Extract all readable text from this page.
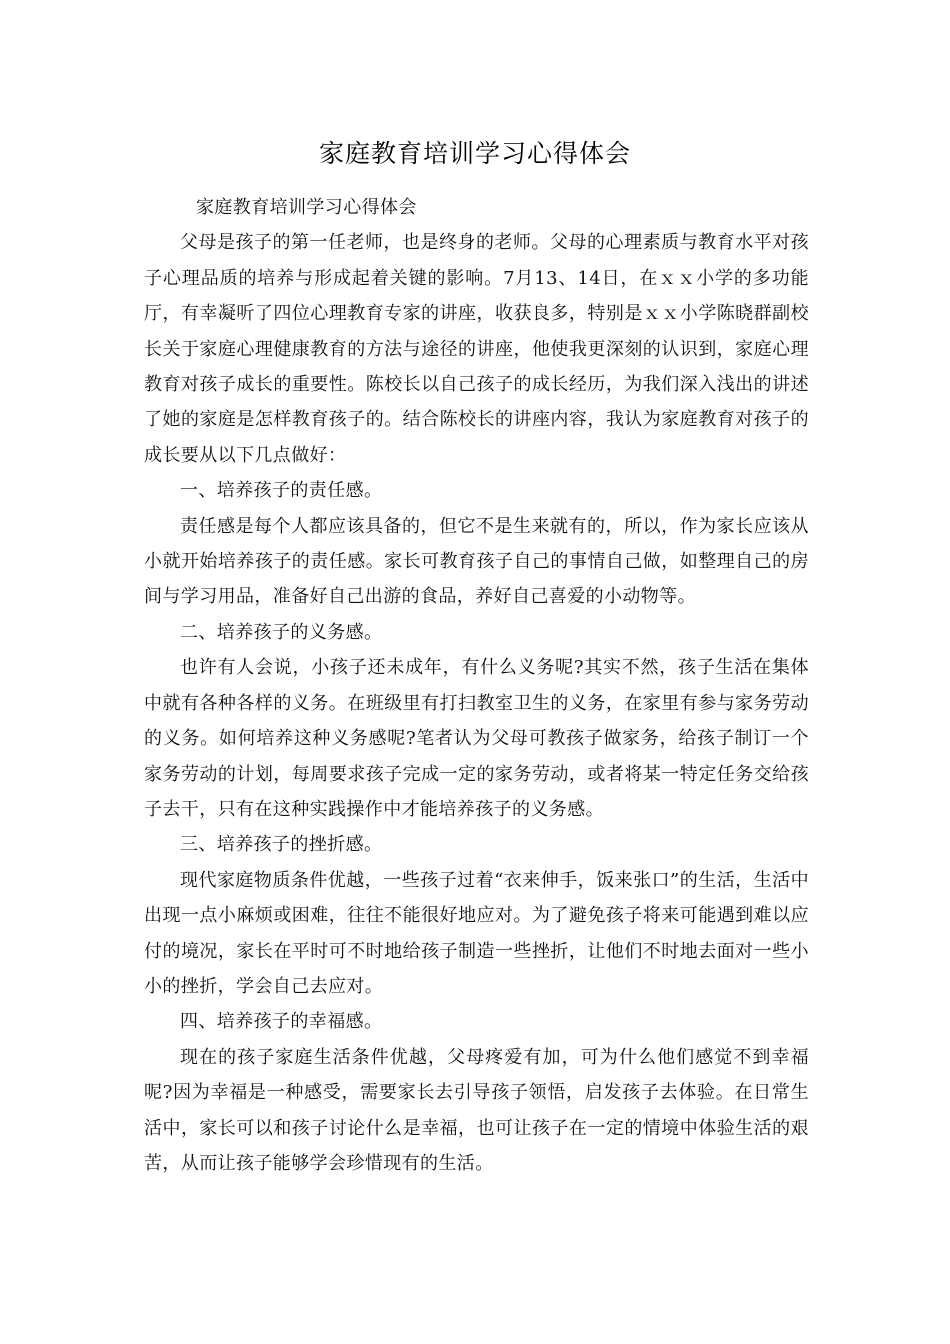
家庭教育培训学习心得体会

家庭教育培训学习心得体会

父母是孩子的第一任老师，也是终身的老师。父母的心理素质与教育水平对孩子心理品质的培养与形成起着关键的影响。7月13、14日，在ｘｘ小学的多功能厅，有幸凝听了四位心理教育专家的讲座，收获良多，特别是ｘｘ小学陈晓群副校长关于家庭心理健康教育的方法与途径的讲座，他使我更深刻的认识到，家庭心理教育对孩子成长的重要性。陈校长以自己孩子的成长经历，为我们深入浅出的讲述了她的家庭是怎样教育孩子的。结合陈校长的讲座内容，我认为家庭教育对孩子的成长要从以下几点做好：

一、培养孩子的责任感。

责任感是每个人都应该具备的，但它不是生来就有的，所以，作为家长应该从小就开始培养孩子的责任感。家长可教育孩子自己的事情自己做，如整理自己的房间与学习用品，准备好自己出游的食品，养好自己喜爱的小动物等。

二、培养孩子的义务感。

也许有人会说，小孩子还未成年，有什么义务呢?其实不然，孩子生活在集体中就有各种各样的义务。在班级里有打扫教室卫生的义务，在家里有参与家务劳动的义务。如何培养这种义务感呢?笔者认为父母可教孩子做家务，给孩子制订一个家务劳动的计划，每周要求孩子完成一定的家务劳动，或者将某一特定任务交给孩子去干，只有在这种实践操作中才能培养孩子的义务感。

三、培养孩子的挫折感。

现代家庭物质条件优越，一些孩子过着“衣来伸手，饭来张口”的生活，生活中出现一点小麻烦或困难，往往不能很好地应对。为了避免孩子将来可能遇到难以应付的境况，家长在平时可不时地给孩子制造一些挫折，让他们不时地去面对一些小小的挫折，学会自己去应对。

四、培养孩子的幸福感。

现在的孩子家庭生活条件优越，父母疼爱有加，可为什么他们感觉不到幸福呢?因为幸福是一种感受，需要家长去引导孩子领悟，启发孩子去体验。在日常生活中，家长可以和孩子讨论什么是幸福，也可让孩子在一定的情境中体验生活的艰苦，从而让孩子能够学会珍惜现有的生活。
